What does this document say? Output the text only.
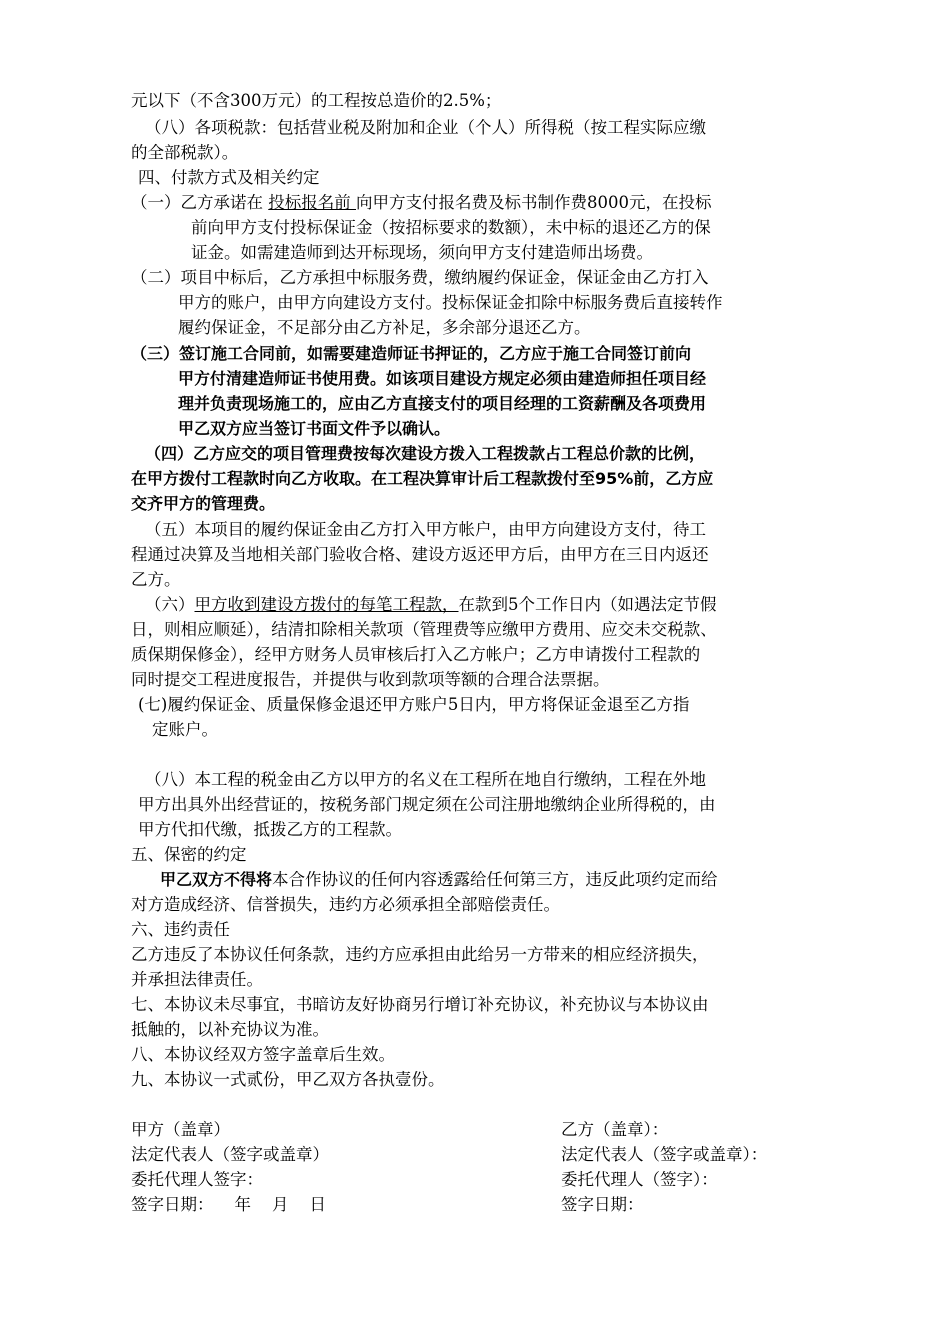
元以下（不含300万元）的工程按总造价的2.5%；
（八）各项税款：包括营业税及附加和企业（个人）所得税（按工程实际应缴
的全部税款）。
四、付款方式及相关约定
（一）乙方承诺在 投标报名前 向甲方支付报名费及标书制作费8000元，在投标
前向甲方支付投标保证金（按招标要求的数额），未中标的退还乙方的保
证金。如需建造师到达开标现场，须向甲方支付建造师出场费。
（二）项目中标后，乙方承担中标服务费，缴纳履约保证金，保证金由乙方打入
甲方的账户，由甲方向建设方支付。投标保证金扣除中标服务费后直接转作
履约保证金，不足部分由乙方补足，多余部分退还乙方。
（三）签订施工合同前，如需要建造师证书押证的，乙方应于施工合同签订前向
甲方付清建造师证书使用费。如该项目建设方规定必须由建造师担任项目经
理并负责现场施工的，应由乙方直接支付的项目经理的工资薪酬及各项费用
甲乙双方应当签订书面文件予以确认。
（四）乙方应交的项目管理费按每次建设方拨入工程拨款占工程总价款的比例，
在甲方拨付工程款时向乙方收取。在工程决算审计后工程款拨付至95%前，乙方应
交齐甲方的管理费。
（五）本项目的履约保证金由乙方打入甲方帐户，由甲方向建设方支付，待工
程通过决算及当地相关部门验收合格、建设方返还甲方后，由甲方在三日内返还
乙方。
（六）甲方收到建设方拨付的每笔工程款，在款到5个工作日内（如遇法定节假
日，则相应顺延），结清扣除相关款项（管理费等应缴甲方费用、应交未交税款、
质保期保修金），经甲方财务人员审核后打入乙方帐户；乙方申请拨付工程款的
同时提交工程进度报告，并提供与收到款项等额的合理合法票据。
(七)履约保证金、质量保修金退还甲方账户5日内，甲方将保证金退至乙方指
定账户。
（八）本工程的税金由乙方以甲方的名义在工程所在地自行缴纳，工程在外地
甲方出具外出经营证的，按税务部门规定须在公司注册地缴纳企业所得税的，由
甲方代扣代缴，抵拨乙方的工程款。
五、保密的约定
甲乙双方不得将本合作协议的任何内容透露给任何第三方，违反此项约定而给
对方造成经济、信誉损失，违约方必须承担全部赔偿责任。
六、违约责任
乙方违反了本协议任何条款，违约方应承担由此给另一方带来的相应经济损失，
并承担法律责任。
七、本协议未尽事宜，书暗访友好协商另行增订补充协议，补充协议与本协议由
抵触的，以补充协议为准。
八、本协议经双方签字盖章后生效。
九、本协议一式贰份，甲乙双方各执壹份。
甲方（盖章）
法定代表人（签字或盖章）
委托代理人签字：
签字日期：    年    月    日
乙方（盖章）：
法定代表人（签字或盖章）：
委托代理人（签字）：
签字日期：
